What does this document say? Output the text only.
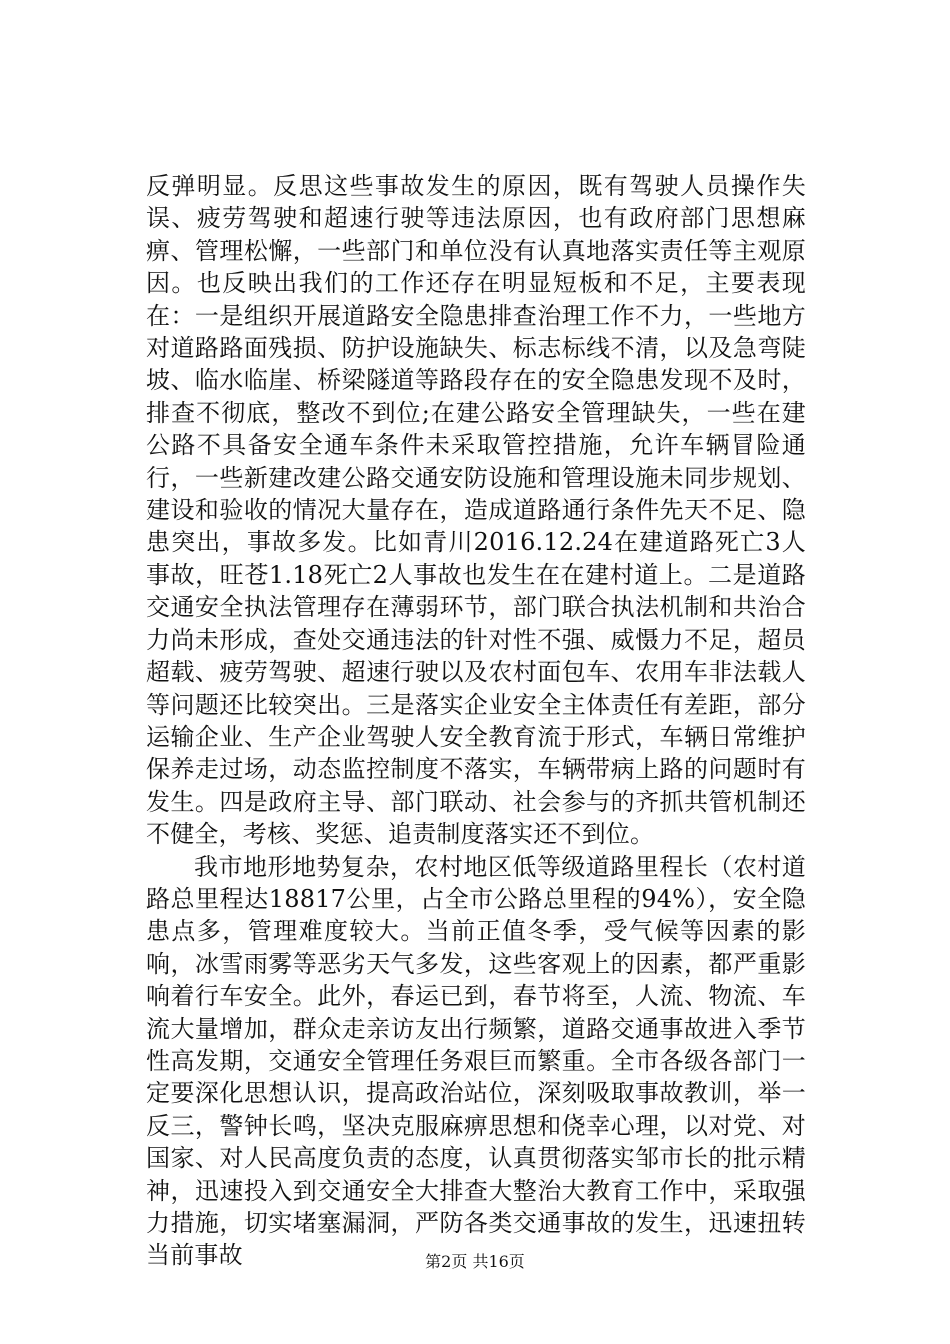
反弹明显。反思这些事故发生的原因，既有驾驶人员操作失误、疲劳驾驶和超速行驶等违法原因，也有政府部门思想麻痹、管理松懈，一些部门和单位没有认真地落实责任等主观原因。也反映出我们的工作还存在明显短板和不足，主要表现在：一是组织开展道路安全隐患排查治理工作不力，一些地方对道路路面残损、防护设施缺失、标志标线不清，以及急弯陡坡、临水临崖、桥梁隧道等路段存在的安全隐患发现不及时，排查不彻底，整改不到位;在建公路安全管理缺失，一些在建公路不具备安全通车条件未采取管控措施，允许车辆冒险通行，一些新建改建公路交通安防设施和管理设施未同步规划、建设和验收的情况大量存在，造成道路通行条件先天不足、隐患突出，事故多发。比如青川2016.12.24在建道路死亡3人事故，旺苍1.18死亡2人事故也发生在在建村道上。二是道路交通安全执法管理存在薄弱环节，部门联合执法机制和共治合力尚未形成，查处交通违法的针对性不强、威慑力不足，超员超载、疲劳驾驶、超速行驶以及农村面包车、农用车非法载人等问题还比较突出。三是落实企业安全主体责任有差距，部分运输企业、生产企业驾驶人安全教育流于形式，车辆日常维护保养走过场，动态监控制度不落实，车辆带病上路的问题时有发生。四是政府主导、部门联动、社会参与的齐抓共管机制还不健全，考核、奖惩、追责制度落实还不到位。

我市地形地势复杂，农村地区低等级道路里程长（农村道路总里程达18817公里，占全市公路总里程的94%），安全隐患点多，管理难度较大。当前正值冬季，受气候等因素的影响，冰雪雨雾等恶劣天气多发，这些客观上的因素，都严重影响着行车安全。此外，春运已到，春节将至，人流、物流、车流大量增加，群众走亲访友出行频繁，道路交通事故进入季节性高发期，交通安全管理任务艰巨而繁重。全市各级各部门一定要深化思想认识，提高政治站位，深刻吸取事故教训，举一反三，警钟长鸣，坚决克服麻痹思想和侥幸心理，以对党、对国家、对人民高度负责的态度，认真贯彻落实邹市长的批示精神，迅速投入到交通安全大排查大整治大教育工作中，采取强力措施，切实堵塞漏洞，严防各类交通事故的发生，迅速扭转当前事故	第2页 共16页
